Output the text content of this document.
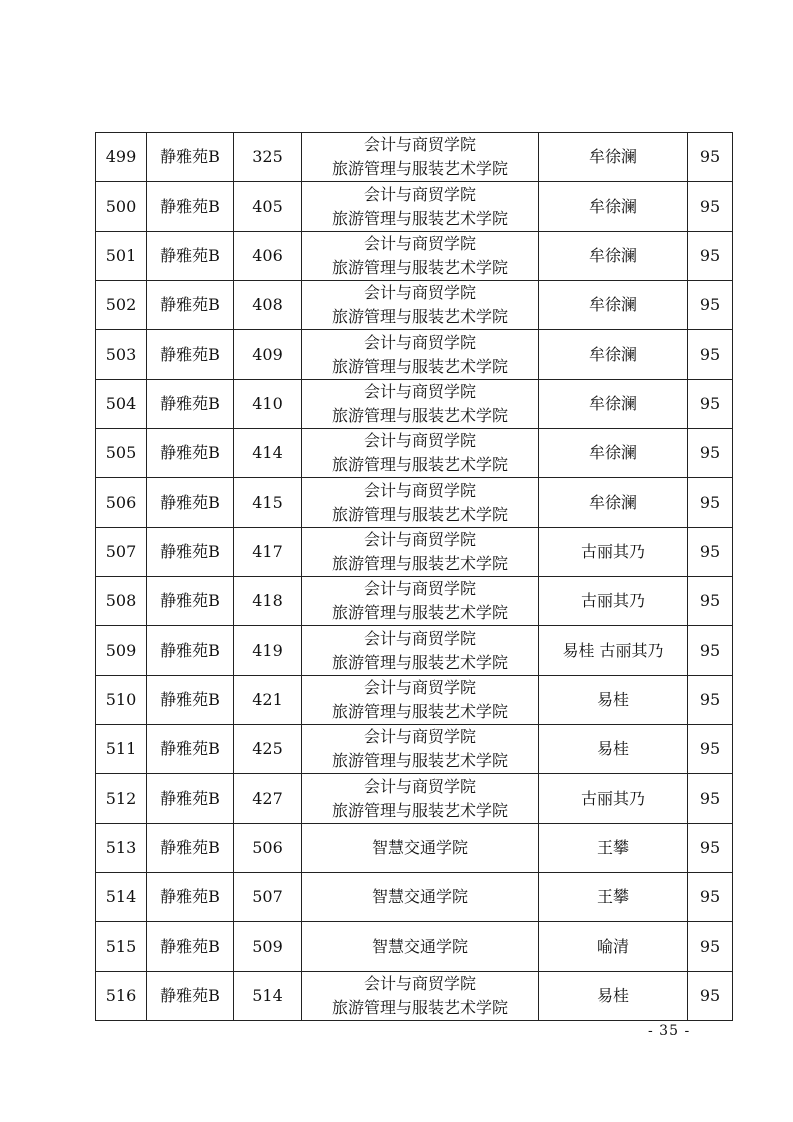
499	静雅苑B	325	会计与商贸学院
旅游管理与服装艺术学院	牟徐澜	95
500	静雅苑B	405	会计与商贸学院
旅游管理与服装艺术学院	牟徐澜	95
501	静雅苑B	406	会计与商贸学院
旅游管理与服装艺术学院	牟徐澜	95
502	静雅苑B	408	会计与商贸学院
旅游管理与服装艺术学院	牟徐澜	95
503	静雅苑B	409	会计与商贸学院
旅游管理与服装艺术学院	牟徐澜	95
504	静雅苑B	410	会计与商贸学院
旅游管理与服装艺术学院	牟徐澜	95
505	静雅苑B	414	会计与商贸学院
旅游管理与服装艺术学院	牟徐澜	95
506	静雅苑B	415	会计与商贸学院
旅游管理与服装艺术学院	牟徐澜	95
507	静雅苑B	417	会计与商贸学院
旅游管理与服装艺术学院	古丽其乃	95
508	静雅苑B	418	会计与商贸学院
旅游管理与服装艺术学院	古丽其乃	95
509	静雅苑B	419	会计与商贸学院
旅游管理与服装艺术学院	易桂 古丽其乃	95
510	静雅苑B	421	会计与商贸学院
旅游管理与服装艺术学院	易桂	95
511	静雅苑B	425	会计与商贸学院
旅游管理与服装艺术学院	易桂	95
512	静雅苑B	427	会计与商贸学院
旅游管理与服装艺术学院	古丽其乃	95
513	静雅苑B	506	智慧交通学院	王攀	95
514	静雅苑B	507	智慧交通学院	王攀	95
515	静雅苑B	509	智慧交通学院	喻清	95
516	静雅苑B	514	会计与商贸学院
旅游管理与服装艺术学院	易桂	95
- 35 -
